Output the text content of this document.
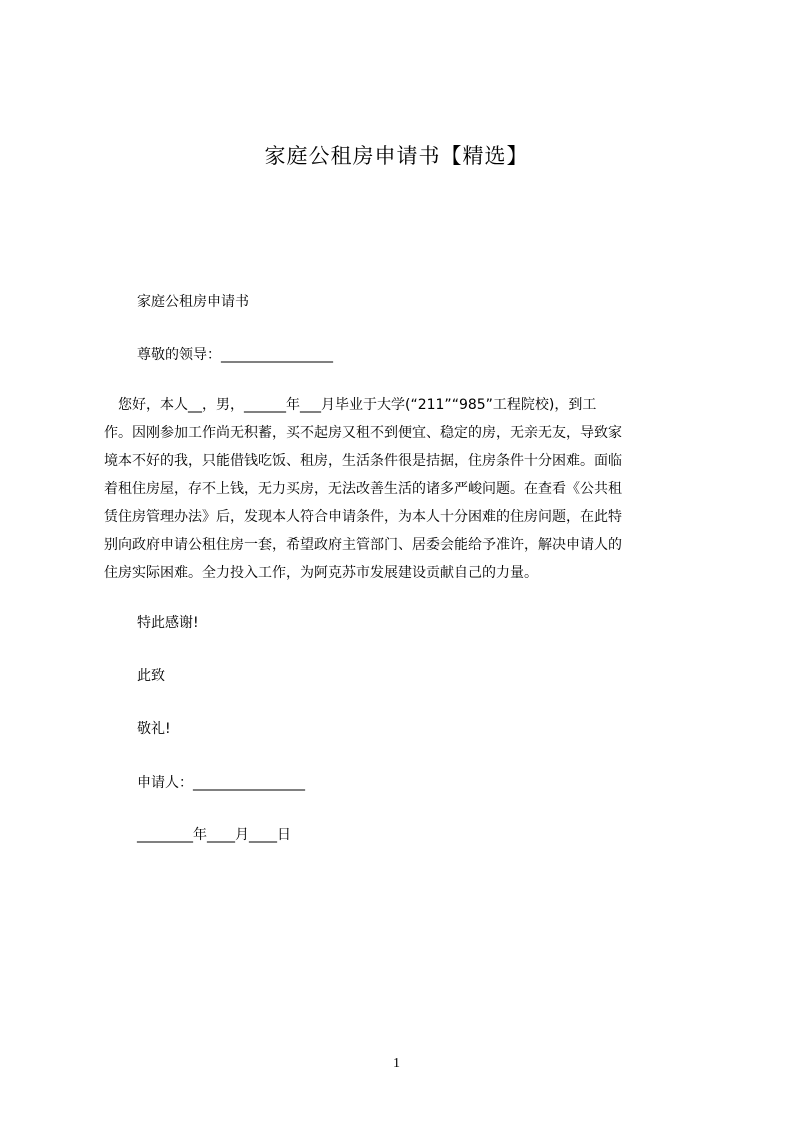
家庭公租房申请书【精选】
家庭公租房申请书
尊敬的领导：________________
　您好，本人__，男，______年___月毕业于大学(“211”“985”工程院校)，到工
作。因刚参加工作尚无积蓄，买不起房又租不到便宜、稳定的房，无亲无友，导致家
境本不好的我，只能借钱吃饭、租房，生活条件很是拮据，住房条件十分困难。面临
着租住房屋，存不上钱，无力买房，无法改善生活的诸多严峻问题。在查看《公共租
赁住房管理办法》后，发现本人符合申请条件，为本人十分困难的住房问题，在此特
别向政府申请公租住房一套，希望政府主管部门、居委会能给予准许，解决申请人的
住房实际困难。全力投入工作，为阿克苏市发展建设贡献自己的力量。
特此感谢!
此致
敬礼!
申请人：________________
________年____月____日
1
